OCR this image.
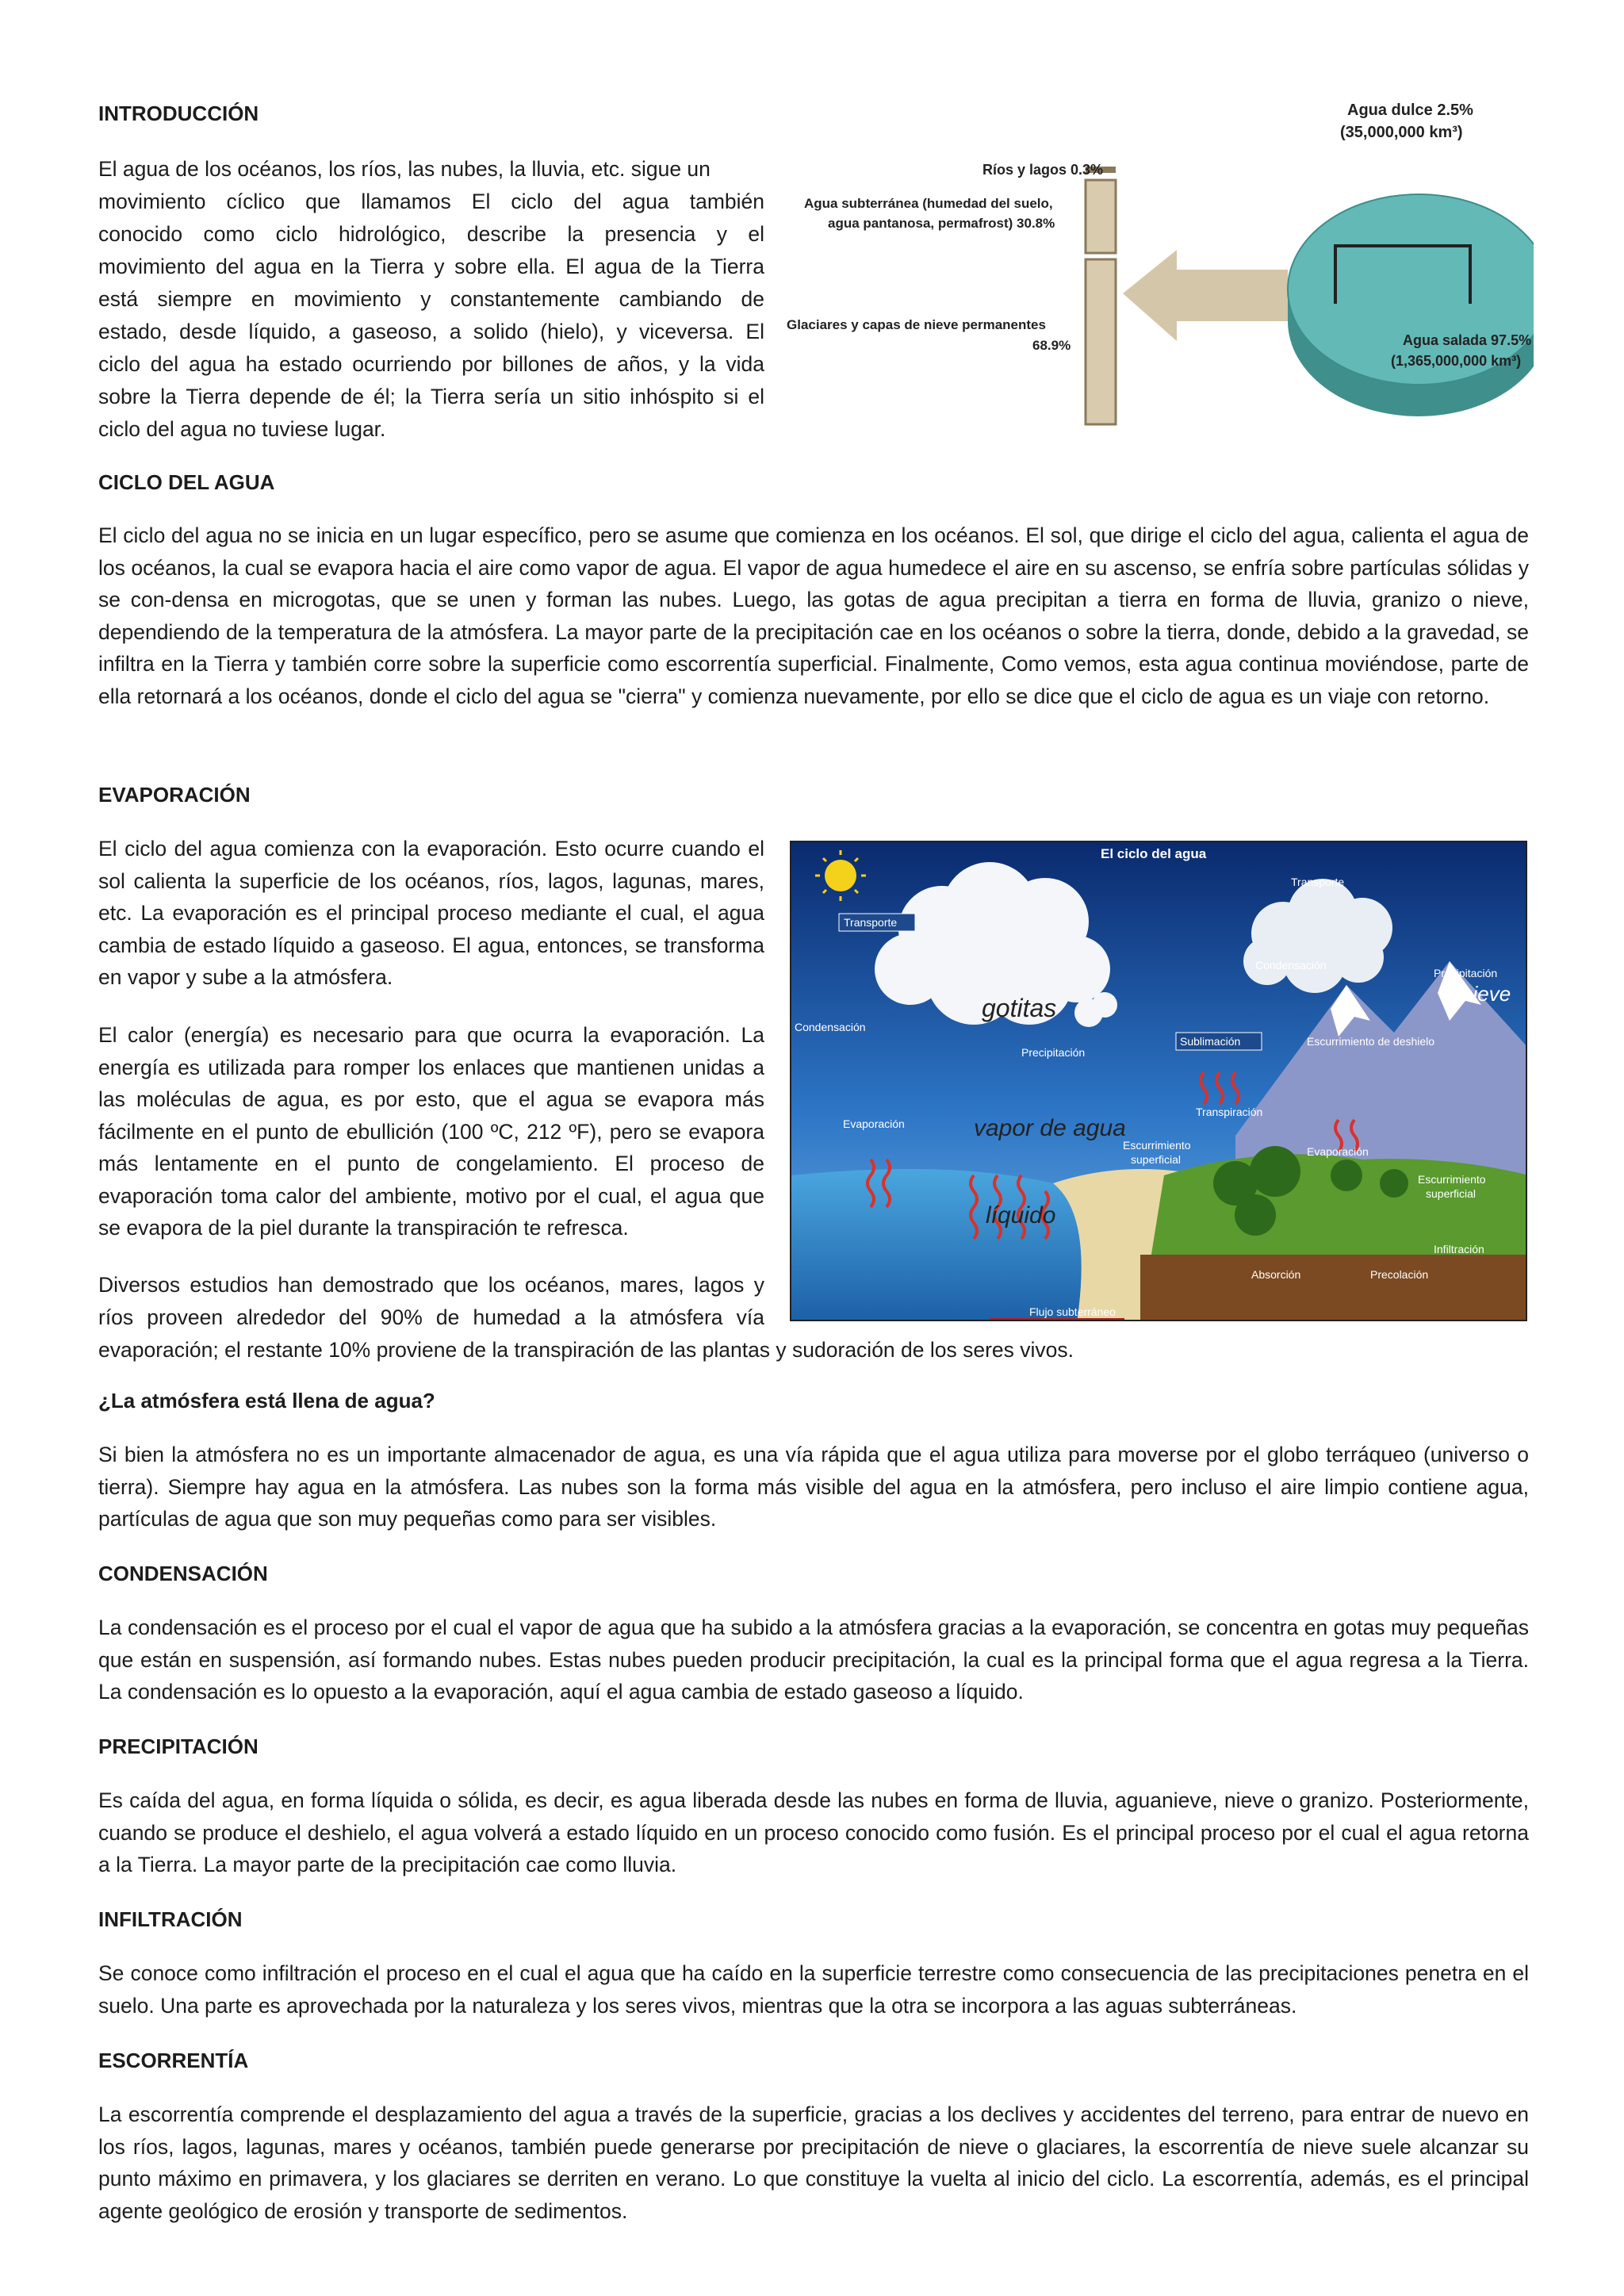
INTRODUCCIÓN
El agua de los océanos, los ríos, las nubes, la lluvia, etc. sigue un
movimiento cíclico que llamamos El ciclo del agua también
conocido como ciclo hidrológico, describe la presencia y el
movimiento del agua en la Tierra y sobre ella. El agua de la Tierra
está siempre en movimiento y constantemente cambiando de
estado, desde líquido, a gaseoso, a solido (hielo), y viceversa. El
ciclo del agua ha estado ocurriendo por billones de años, y la vida
sobre la Tierra depende de él; la Tierra sería un sitio inhóspito si el
ciclo del agua no tuviese lugar.
Agua dulce 2.5%
(35,000,000 km³)
Ríos y lagos 0.3%
Agua subterránea (humedad del suelo,
agua pantanosa, permafrost) 30.8%
Glaciares y capas de nieve permanentes
68.9%	Agua salada 97.5%
(1,365,000,000 km³)
CICLO DEL AGUA

El ciclo del agua no se inicia en un lugar específico, pero se asume que comienza en los océanos. El sol, que dirige el ciclo del agua, calienta el agua de los océanos, la cual se evapora hacia el aire como vapor de agua. El vapor de agua humedece el aire en su ascenso, se enfría sobre partículas sólidas y se con-densa en microgotas, que se unen y forman las nubes. Luego, las gotas de agua precipitan a tierra en forma de lluvia, granizo o nieve, dependiendo de la temperatura de la atmósfera. La mayor parte de la precipitación cae en los océanos o sobre la tierra, donde, debido a la gravedad, se infiltra en la Tierra y también corre sobre la superficie como escorrentía superficial. Finalmente, Como vemos, esta agua continua moviéndose, parte de ella retornará a los océanos, donde el ciclo del agua se "cierra" y comienza nuevamente, por ello se dice que el ciclo de agua es un viaje con retorno.

EVAPORACIÓN

El ciclo del agua comienza con la evaporación. Esto ocurre cuando el sol calienta la superficie de los océanos, ríos, lagos, lagunas, mares, etc. La evaporación es el principal proceso mediante el cual, el agua cambia de estado líquido a gaseoso. El agua, entonces, se transforma en vapor y sube a la atmósfera.

El calor (energía) es necesario para que ocurra la evaporación. La energía es utilizada para romper los enlaces que mantienen unidas a las moléculas de agua, es por esto, que el agua se evapora más fácilmente en el punto de ebullición (100 ºC, 212 ºF), pero se evapora más lentamente en el punto de congelamiento. El proceso de evaporación toma calor del ambiente, motivo por el cual, el agua que se evapora de la piel durante la transpiración te refresca.

Diversos estudios han demostrado que los océanos, mares, lagos y
ríos proveen alrededor del 90% de humedad a la atmósfera vía
evaporación; el restante 10% proviene de la transpiración de las plantas y sudoración de los seres vivos.
El ciclo del agua
Transporte
Transporte
Condensación
Condensación
Precipitación
Precipitación
Sublimación	Escurrimiento de deshielo
Transpiración
Escurrimiento
superficial
Evaporación
Evaporación
Escurrimiento
superficial
Infiltración
Absorción	Precolación
Flujo subterráneo
gotitas	nieve
vapor de agua
líquido
¿La atmósfera está llena de agua?

Si bien la atmósfera no es un importante almacenador de agua, es una vía rápida que el agua utiliza para moverse por el globo terráqueo (universo o tierra). Siempre hay agua en la atmósfera. Las nubes son la forma más visible del agua en la atmósfera, pero incluso el aire limpio contiene agua, partículas de agua que son muy pequeñas como para ser visibles.

CONDENSACIÓN

La condensación es el proceso por el cual el vapor de agua que ha subido a la atmósfera gracias a la evaporación, se concentra en gotas muy pequeñas que están en suspensión, así formando nubes. Estas nubes pueden producir precipitación, la cual es la principal forma que el agua regresa a la Tierra. La condensación es lo opuesto a la evaporación, aquí el agua cambia de estado gaseoso a líquido.

PRECIPITACIÓN

Es caída del agua, en forma líquida o sólida, es decir, es agua liberada desde las nubes en forma de lluvia, aguanieve, nieve o granizo. Posteriormente, cuando se produce el deshielo, el agua volverá a estado líquido en un proceso conocido como fusión. Es el principal proceso por el cual el agua retorna a la Tierra. La mayor parte de la precipitación cae como lluvia.

INFILTRACIÓN

Se conoce como infiltración el proceso en el cual el agua que ha caído en la superficie terrestre como consecuencia de las precipitaciones penetra en el suelo. Una parte es aprovechada por la naturaleza y los seres vivos, mientras que la otra se incorpora a las aguas subterráneas.

ESCORRENTÍA

La escorrentía comprende el desplazamiento del agua a través de la superficie, gracias a los declives y accidentes del terreno, para entrar de nuevo en los ríos, lagos, lagunas, mares y océanos, también puede generarse por precipitación de nieve o glaciares, la escorrentía de nieve suele alcanzar su punto máximo en primavera, y los glaciares se derriten en verano. Lo que constituye la vuelta al inicio del ciclo. La escorrentía, además, es el principal agente geológico de erosión y transporte de sedimentos.
